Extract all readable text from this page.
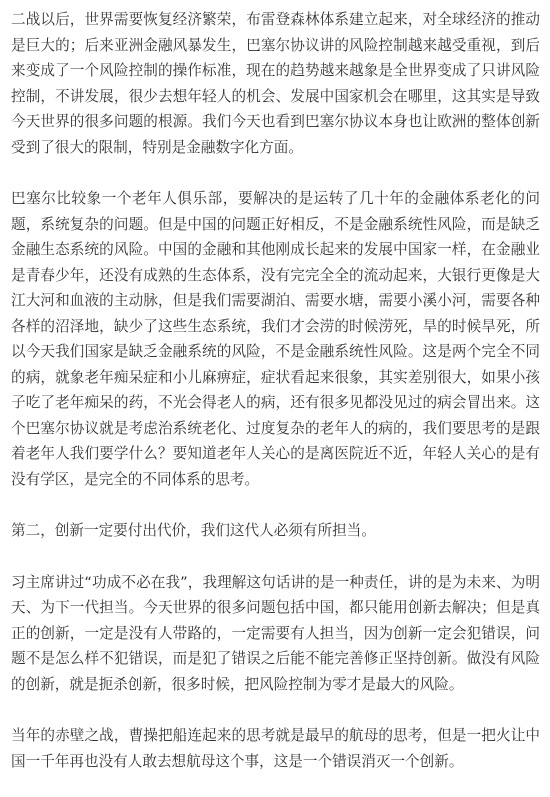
二战以后，世界需要恢复经济繁荣，布雷登森林体系建立起来，对全球经济的推动是巨大的；后来亚洲金融风暴发生，巴塞尔协议讲的风险控制越来越受重视，到后来变成了一个风险控制的操作标准，现在的趋势越来越象是全世界变成了只讲风险控制，不讲发展，很少去想年轻人的机会、发展中国家机会在哪里，这其实是导致今天世界的很多问题的根源。我们今天也看到巴塞尔协议本身也让欧洲的整体创新受到了很大的限制，特别是金融数字化方面。

巴塞尔比较象一个老年人俱乐部，要解决的是运转了几十年的金融体系老化的问题，系统复杂的问题。但是中国的问题正好相反，不是金融系统性风险，而是缺乏金融生态系统的风险。中国的金融和其他刚成长起来的发展中国家一样，在金融业是青春少年，还没有成熟的生态体系，没有完完全全的流动起来，大银行更像是大江大河和血液的主动脉，但是我们需要湖泊、需要水塘，需要小溪小河，需要各种各样的沼泽地，缺少了这些生态系统，我们才会涝的时候涝死，旱的时候旱死，所以今天我们国家是缺乏金融系统的风险，不是金融系统性风险。这是两个完全不同的病，就象老年痴呆症和小儿麻痹症，症状看起来很象，其实差别很大，如果小孩子吃了老年痴呆的药，不光会得老人的病，还有很多见都没见过的病会冒出来。这个巴塞尔协议就是考虑治系统老化、过度复杂的老年人的病的，我们要思考的是跟着老年人我们要学什么？要知道老年人关心的是离医院近不近，年轻人关心的是有没有学区，是完全的不同体系的思考。

第二，创新一定要付出代价，我们这代人必须有所担当。

习主席讲过“功成不必在我”，我理解这句话讲的是一种责任，讲的是为未来、为明天、为下一代担当。今天世界的很多问题包括中国，都只能用创新去解决；但是真正的创新，一定是没有人带路的，一定需要有人担当，因为创新一定会犯错误，问题不是怎么样不犯错误，而是犯了错误之后能不能完善修正坚持创新。做没有风险的创新，就是扼杀创新，很多时候，把风险控制为零才是最大的风险。

当年的赤壁之战，曹操把船连起来的思考就是最早的航母的思考，但是一把火让中国一千年再也没有人敢去想航母这个事，这是一个错误消灭一个创新。
